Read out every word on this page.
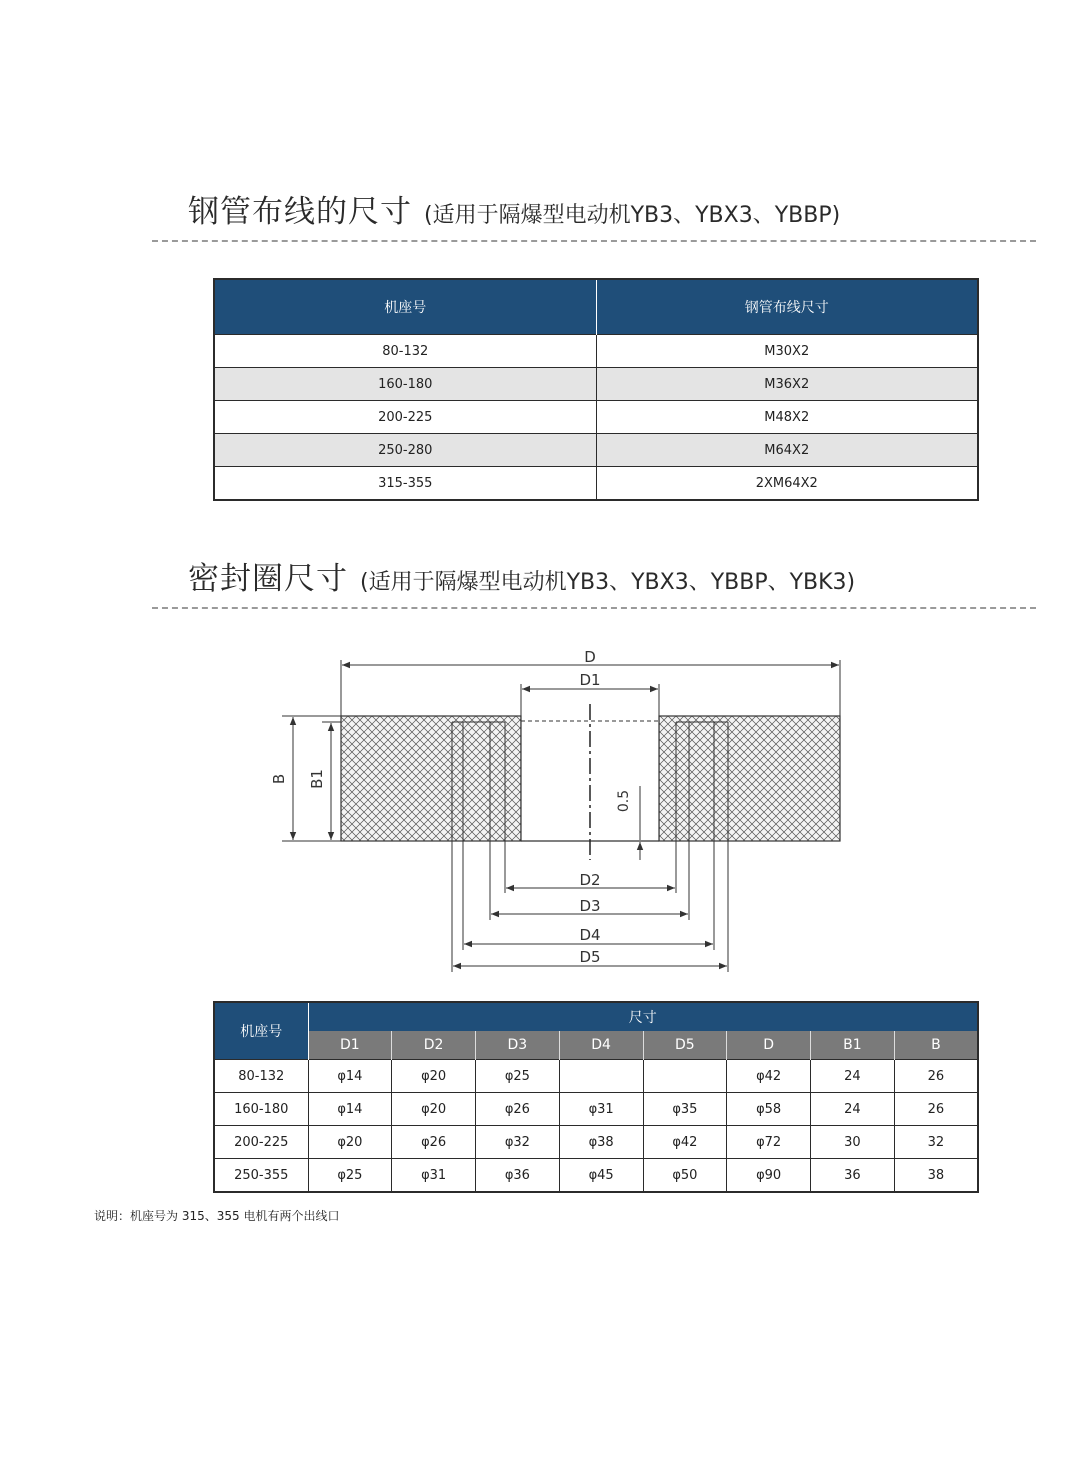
钢管布线的尺寸 (适用于隔爆型电动机YB3、YBX3、YBBP)
机座号	钢管布线尺寸
80-132	M30X2
160-180	M36X2
200-225	M48X2
250-280	M64X2
315-355	2XM64X2
密封圈尺寸 (适用于隔爆型电动机YB3、YBX3、YBBP、YBK3)
D
D1
D2
D3
D4
D5
B B1
0.5
机座号	尺寸							
	D1	D2	D3	D4	D5	D	B1	B
80-132	φ14	φ20	φ25			φ42	24	26
160-180	φ14	φ20	φ26	φ31	φ35	φ58	24	26
200-225	φ20	φ26	φ32	φ38	φ42	φ72	30	32
250-355	φ25	φ31	φ36	φ45	φ50	φ90	36	38
说明：机座号为 315、355 电机有两个出线口
